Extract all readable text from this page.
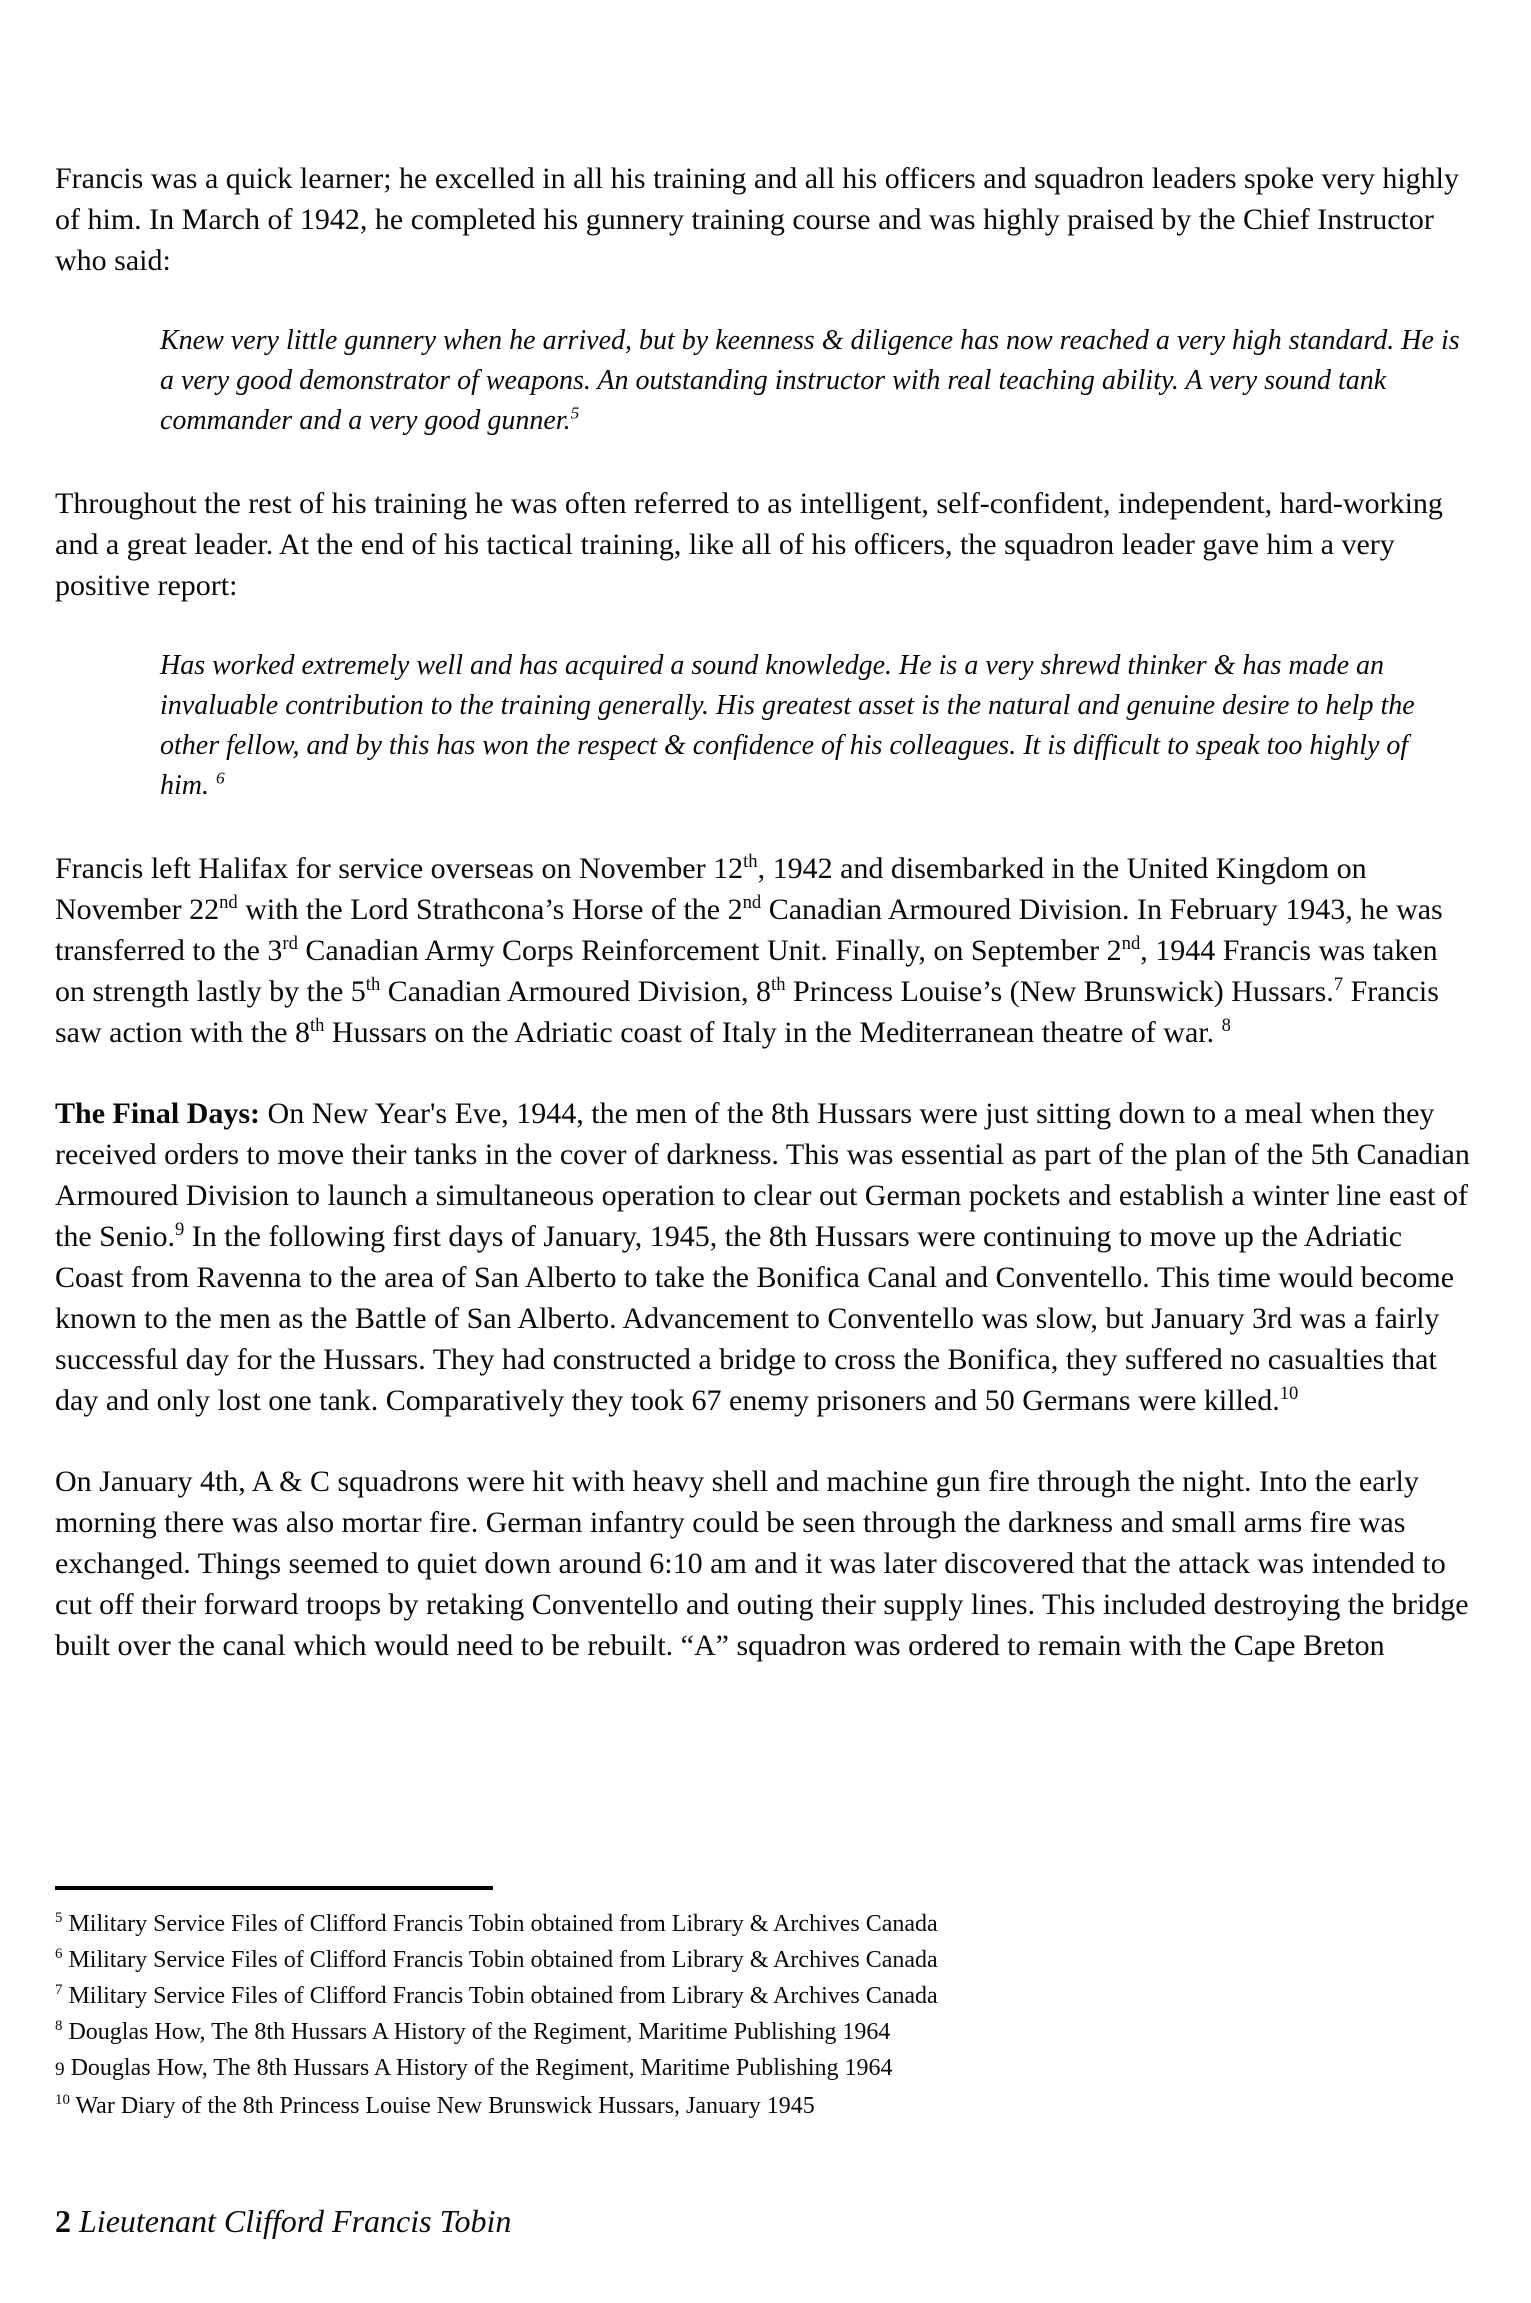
Francis was a quick learner; he excelled in all his training and all his officers and squadron leaders spoke very highly of him. In March of 1942, he completed his gunnery training course and was highly praised by the Chief Instructor who said:

Knew very little gunnery when he arrived, but by keenness & diligence has now reached a very high standard. He is a very good demonstrator of weapons. An outstanding instructor with real teaching ability. A very sound tank commander and a very good gunner.$^5$

Throughout the rest of his training he was often referred to as intelligent, self-confident, independent, hard-working and a great leader. At the end of his tactical training, like all of his officers, the squadron leader gave him a very positive report:

Has worked extremely well and has acquired a sound knowledge. He is a very shrewd thinker & has made an invaluable contribution to the training generally. His greatest asset is the natural and genuine desire to help the other fellow, and by this has won the respect & confidence of his colleagues. It is difficult to speak too highly of him. $^6$

Francis left Halifax for service overseas on November 12th, 1942 and disembarked in the United Kingdom on November 22nd with the Lord Strathcona’s Horse of the 2nd Canadian Armoured Division. In February 1943, he was transferred to the 3rd Canadian Army Corps Reinforcement Unit. Finally, on September 2nd, 1944 Francis was taken on strength lastly by the 5th Canadian Armoured Division, 8th Princess Louise’s (New Brunswick) Hussars.$^7$ Francis saw action with the 8th Hussars on the Adriatic coast of Italy in the Mediterranean theatre of war. $^8$

The Final Days: On New Year's Eve, 1944, the men of the 8th Hussars were just sitting down to a meal when they received orders to move their tanks in the cover of darkness. This was essential as part of the plan of the 5th Canadian Armoured Division to launch a simultaneous operation to clear out German pockets and establish a winter line east of the Senio.$^9$ In the following first days of January, 1945, the 8th Hussars were continuing to move up the Adriatic Coast from Ravenna to the area of San Alberto to take the Bonifica Canal and Conventello. This time would become known to the men as the Battle of San Alberto. Advancement to Conventello was slow, but January 3rd was a fairly successful day for the Hussars. They had constructed a bridge to cross the Bonifica, they suffered no casualties that day and only lost one tank. Comparatively they took 67 enemy prisoners and 50 Germans were killed.$^{10}$

On January 4th, A & C squadrons were hit with heavy shell and machine gun fire through the night. Into the early morning there was also mortar fire. German infantry could be seen through the darkness and small arms fire was exchanged. Things seemed to quiet down around 6:10 am and it was later discovered that the attack was intended to cut off their forward troops by retaking Conventello and outing their supply lines. This included destroying the bridge built over the canal which would need to be rebuilt. “A” squadron was ordered to remain with the Cape Breton

$^5$ Military Service Files of Clifford Francis Tobin obtained from Library & Archives Canada
$^6$ Military Service Files of Clifford Francis Tobin obtained from Library & Archives Canada
$^7$ Military Service Files of Clifford Francis Tobin obtained from Library & Archives Canada
$^8$ Douglas How, The 8th Hussars A History of the Regiment, Maritime Publishing 1964
9 Douglas How, The 8th Hussars A History of the Regiment, Maritime Publishing 1964
$^{10}$ War Diary of the 8th Princess Louise New Brunswick Hussars, January 1945
2 Lieutenant Clifford Francis Tobin
